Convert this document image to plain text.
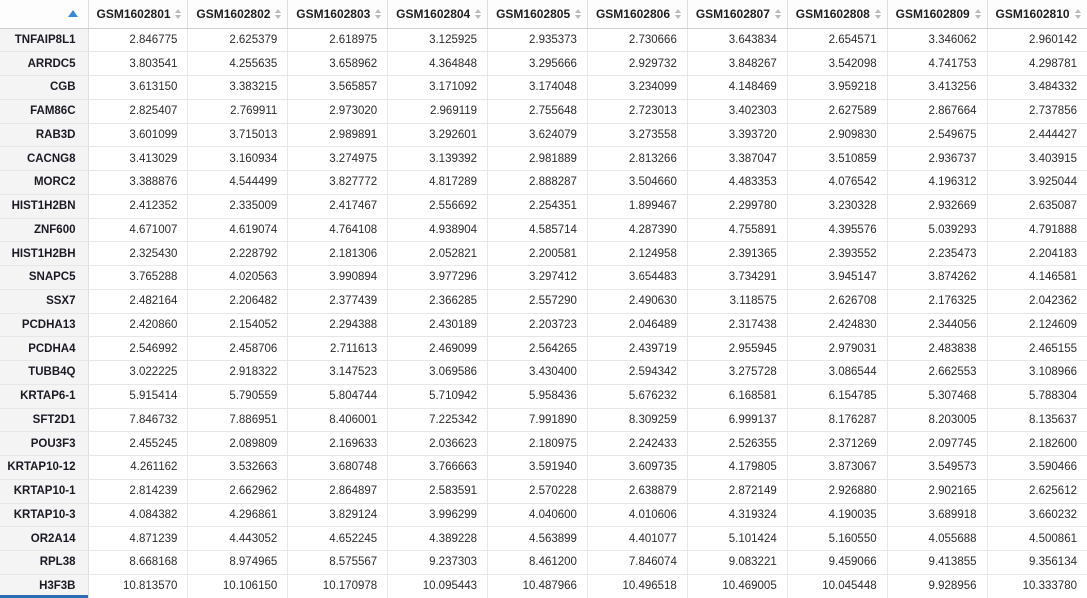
	GSM1602801	GSM1602802	GSM1602803	GSM1602804	GSM1602805	GSM1602806	GSM1602807	GSM1602808	GSM1602809	GSM1602810

TNFAIP8L1	2.846775	2.625379	2.618975	3.125925	2.935373	2.730666	3.643834	2.654571	3.346062	2.960142
ARRDC5	3.803541	4.255635	3.658962	4.364848	3.295666	2.929732	3.848267	3.542098	4.741753	4.298781
CGB	3.613150	3.383215	3.565857	3.171092	3.174048	3.234099	4.148469	3.959218	3.413256	3.484332
FAM86C	2.825407	2.769911	2.973020	2.969119	2.755648	2.723013	3.402303	2.627589	2.867664	2.737856
RAB3D	3.601099	3.715013	2.989891	3.292601	3.624079	3.273558	3.393720	2.909830	2.549675	2.444427
CACNG8	3.413029	3.160934	3.274975	3.139392	2.981889	2.813266	3.387047	3.510859	2.936737	3.403915
MORC2	3.388876	4.544499	3.827772	4.817289	2.888287	3.504660	4.483353	4.076542	4.196312	3.925044
HIST1H2BN	2.412352	2.335009	2.417467	2.556692	2.254351	1.899467	2.299780	3.230328	2.932669	2.635087
ZNF600	4.671007	4.619074	4.764108	4.938904	4.585714	4.287390	4.755891	4.395576	5.039293	4.791888
HIST1H2BH	2.325430	2.228792	2.181306	2.052821	2.200581	2.124958	2.391365	2.393552	2.235473	2.204183
SNAPC5	3.765288	4.020563	3.990894	3.977296	3.297412	3.654483	3.734291	3.945147	3.874262	4.146581
SSX7	2.482164	2.206482	2.377439	2.366285	2.557290	2.490630	3.118575	2.626708	2.176325	2.042362
PCDHA13	2.420860	2.154052	2.294388	2.430189	2.203723	2.046489	2.317438	2.424830	2.344056	2.124609
PCDHA4	2.546992	2.458706	2.711613	2.469099	2.564265	2.439719	2.955945	2.979031	2.483838	2.465155
TUBB4Q	3.022225	2.918322	3.147523	3.069586	3.430400	2.594342	3.275728	3.086544	2.662553	3.108966
KRTAP6-1	5.915414	5.790559	5.804744	5.710942	5.958436	5.676232	6.168581	6.154785	5.307468	5.788304
SFT2D1	7.846732	7.886951	8.406001	7.225342	7.991890	8.309259	6.999137	8.176287	8.203005	8.135637
POU3F3	2.455245	2.089809	2.169633	2.036623	2.180975	2.242433	2.526355	2.371269	2.097745	2.182600
KRTAP10-12	4.261162	3.532663	3.680748	3.766663	3.591940	3.609735	4.179805	3.873067	3.549573	3.590466
KRTAP10-1	2.814239	2.662962	2.864897	2.583591	2.570228	2.638879	2.872149	2.926880	2.902165	2.625612
KRTAP10-3	4.084382	4.296861	3.829124	3.996299	4.040600	4.010606	4.319324	4.190035	3.689918	3.660232
OR2A14	4.871239	4.443052	4.652245	4.389228	4.563899	4.401077	5.101424	5.160550	4.055688	4.500861
RPL38	8.668168	8.974965	8.575567	9.237303	8.461200	7.846074	9.083221	9.459066	9.413855	9.356134
H3F3B	10.813570	10.106150	10.170978	10.095443	10.487966	10.496518	10.469005	10.045448	9.928956	10.333780
